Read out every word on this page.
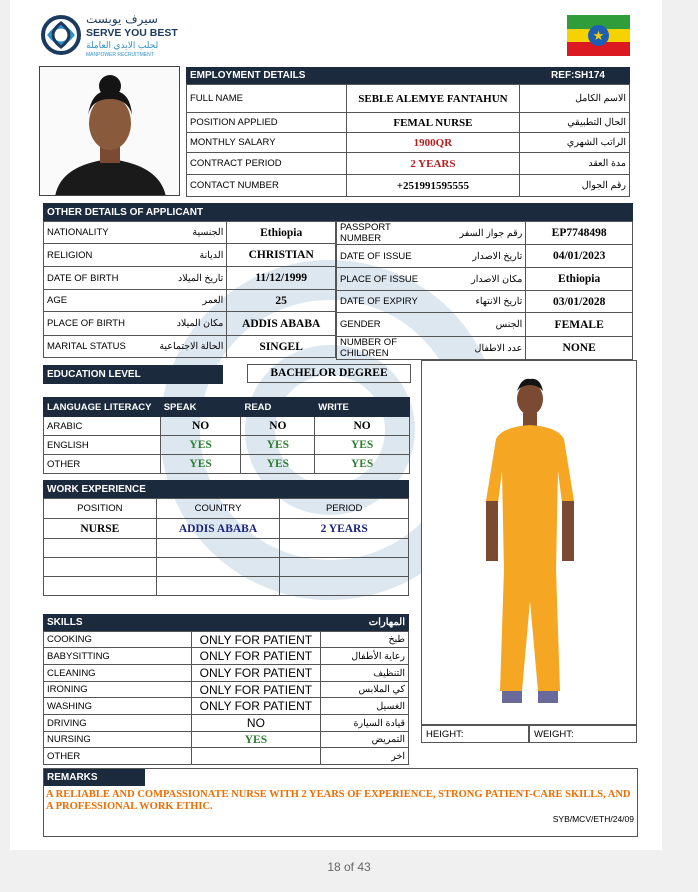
سيرف يوبست
SERVE YOU BEST
لجلب الايدي العاملة
MANPOWER RECRUITMENT
★
EMPLOYMENT DETAILS	REF:SH174
FULL NAME	SEBLE ALEMYE FANTAHUN	الاسم الكامل
POSITION APPLIED	FEMAL NURSE	الحال التطبيقي
MONTHLY SALARY	1900QR	الراتب الشهري
CONTRACT PERIOD	2 YEARS	مدة العقد
CONTACT NUMBER	+251991595555	رقم الجوال
OTHER DETAILS OF APPLICANT
NATIONALITY	الجنسية	Ethiopia
RELIGION	الديانة	CHRISTIAN
DATE OF BIRTH	تاريخ الميلاد	11/12/1999
AGE	العمر	25
PLACE OF BIRTH	مكان الميلاد	ADDIS ABABA
MARITAL STATUS	الحالة الاجتماعية	SINGEL
PASSPORT NUMBER	رقم جواز السفر	EP7748498
DATE OF ISSUE	تاريخ الاصدار	04/01/2023
PLACE OF ISSUE	مكان الاصدار	Ethiopia
DATE OF EXPIRY	تاريخ الانتهاء	03/01/2028
GENDER	الجنس	FEMALE
NUMBER OF CHILDREN	عدد الاطفال	NONE
EDUCATION LEVEL	BACHELOR DEGREE
LANGUAGE LITERACY	SPEAK	READ	WRITE
ARABIC	NO	NO	NO
ENGLISH	YES	YES	YES
OTHER	YES	YES	YES
WORK EXPERIENCE
POSITION	COUNTRY	PERIOD
NURSE	ADDIS ABABA	2 YEARS

SKILLS	المهارات
COOKING	ONLY FOR PATIENT	طبخ
BABYSITTING	ONLY FOR PATIENT	رعاية الأطفال
CLEANING	ONLY FOR PATIENT	التنظيف
IRONING	ONLY FOR PATIENT	كي الملابس
WASHING	ONLY FOR PATIENT	الغسيل
DRIVING	NO	قيادة السيارة
NURSING	YES	التمريض
OTHER		اخر
HEIGHT:	WEIGHT:
REMARKS
A RELIABLE AND COMPASSIONATE NURSE WITH 2 YEARS OF EXPERIENCE, STRONG PATIENT-CARE SKILLS, AND A PROFESSIONAL WORK ETHIC.
SYB/MCV/ETH/24/09
18 of 43
